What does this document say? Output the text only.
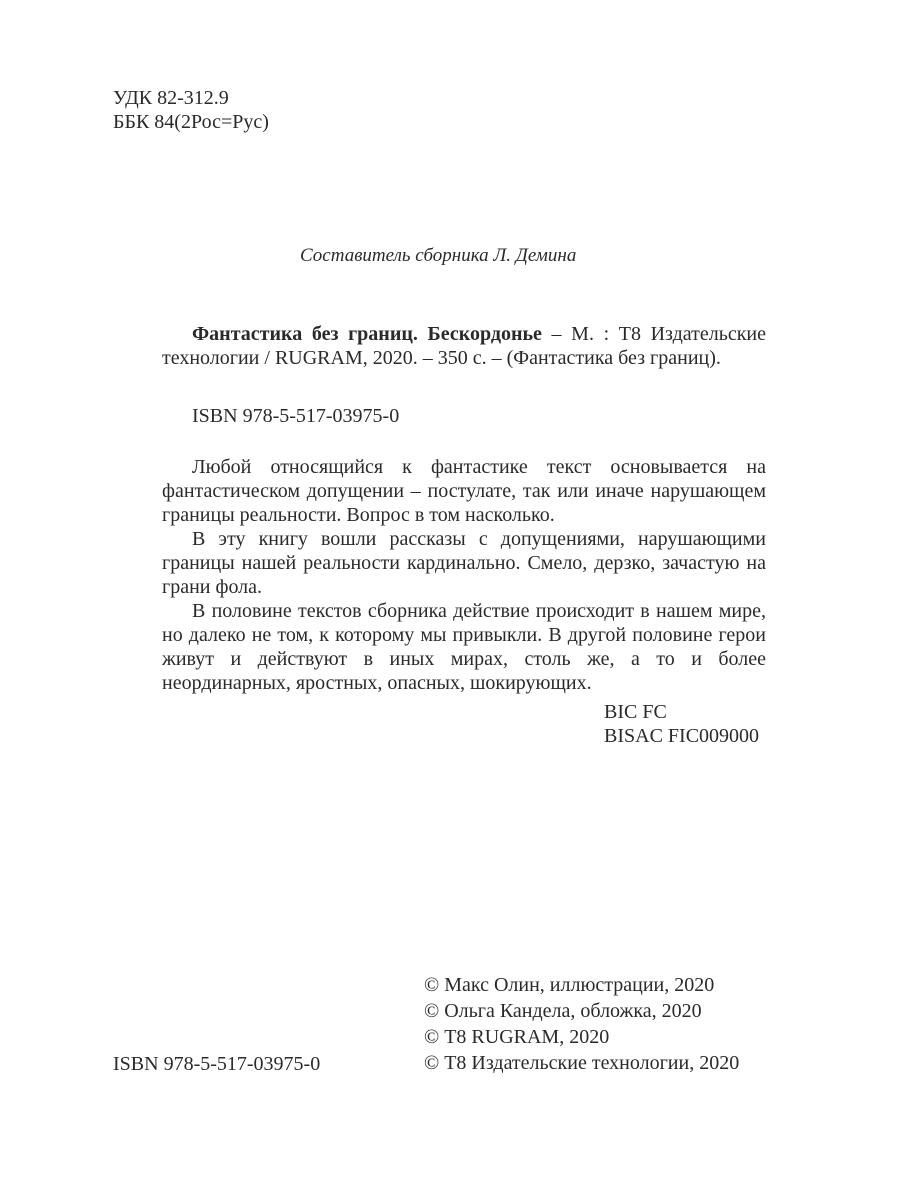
УДК 82-312.9
ББК 84(2Рос=Рус)
Составитель сборника Л. Демина
Фантастика без границ. Бескордонье – М. : Т8 Издательские технологии / RUGRAM, 2020. – 350 с. – (Фантастика без границ).
ISBN 978-5-517-03975-0

Любой относящийся к фантастике текст основывается на фантастическом допущении – постулате, так или иначе нарушающем границы реальности. Вопрос в том насколько.

В эту книгу вошли рассказы с допущениями, нарушающими границы нашей реальности кардинально. Смело, дерзко, зачастую на грани фола.

В половине текстов сборника действие происходит в нашем мире, но далеко не том, к которому мы привыкли. В другой половине герои живут и действуют в иных мирах, столь же, а то и более неординарных, яростных, опасных, шокирующих.

BIC FC
BISAC FIC009000
ISBN 978-5-517-03975-0
© Макс Олин, иллюстрации, 2020
© Ольга Кандела, обложка, 2020
© Т8 RUGRAM, 2020
© Т8 Издательские технологии, 2020
